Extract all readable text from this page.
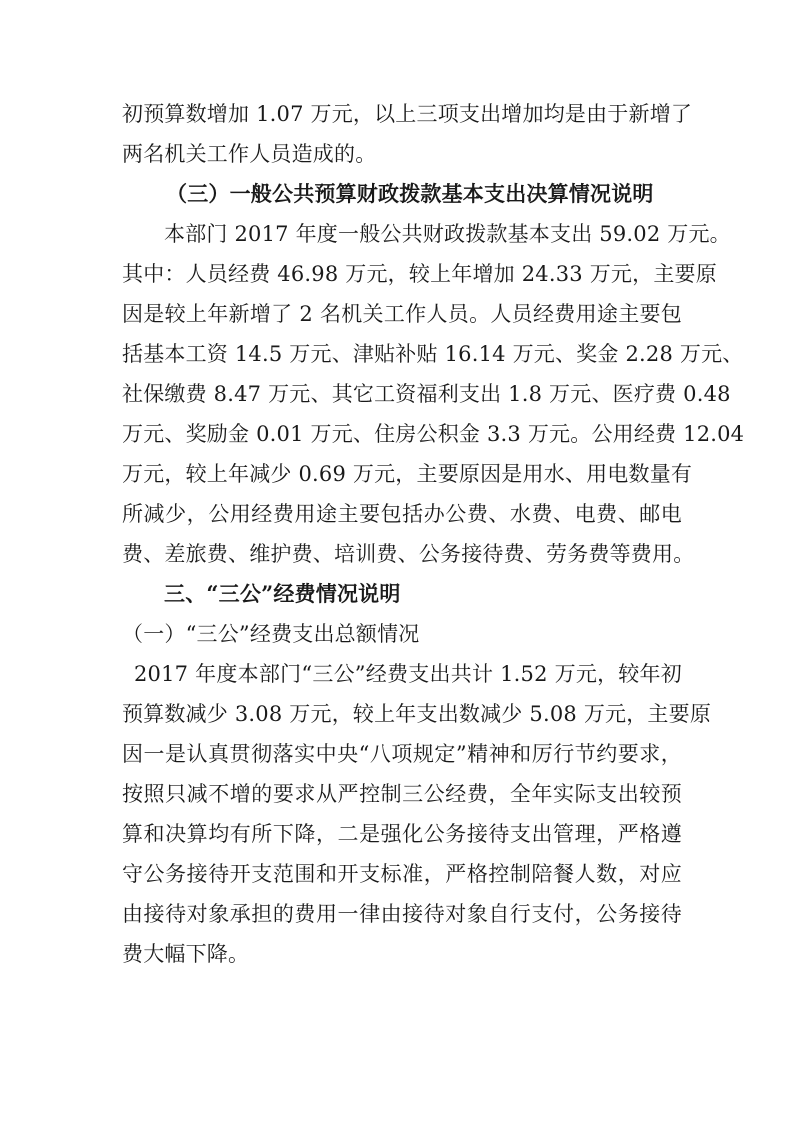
初预算数增加 1.07 万元，以上三项支出增加均是由于新增了
两名机关工作人员造成的。
（三）一般公共预算财政拨款基本支出决算情况说明
本部门 2017 年度一般公共财政拨款基本支出 59.02 万元。
其中：人员经费 46.98 万元，较上年增加 24.33 万元，主要原
因是较上年新增了 2 名机关工作人员。人员经费用途主要包
括基本工资 14.5 万元、津贴补贴 16.14 万元、奖金 2.28 万元、
社保缴费 8.47 万元、其它工资福利支出 1.8 万元、医疗费 0.48
万元、奖励金 0.01 万元、住房公积金 3.3 万元。公用经费 12.04
万元，较上年减少 0.69 万元，主要原因是用水、用电数量有
所减少，公用经费用途主要包括办公费、水费、电费、邮电
费、差旅费、维护费、培训费、公务接待费、劳务费等费用。
三、“三公”经费情况说明
（一）“三公”经费支出总额情况
2017 年度本部门“三公”经费支出共计 1.52 万元，较年初
预算数减少 3.08 万元，较上年支出数减少 5.08 万元，主要原
因一是认真贯彻落实中央“八项规定”精神和厉行节约要求，
按照只减不增的要求从严控制三公经费，全年实际支出较预
算和决算均有所下降，二是强化公务接待支出管理，严格遵
守公务接待开支范围和开支标准，严格控制陪餐人数，对应
由接待对象承担的费用一律由接待对象自行支付，公务接待
费大幅下降。
